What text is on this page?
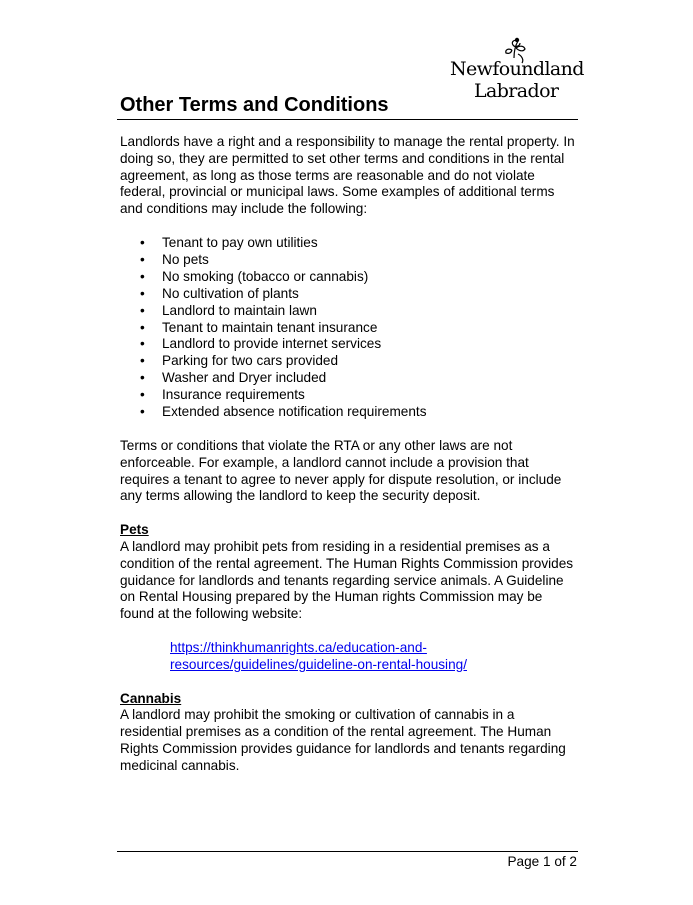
Newfoundland
Labrador
Other Terms and Conditions

Landlords have a right and a responsibility to manage the rental property. In doing so, they are permitted to set other terms and conditions in the rental agreement, as long as those terms are reasonable and do not violate federal, provincial or municipal laws. Some examples of additional terms and conditions may include the following:

• Tenant to pay own utilities
• No pets
• No smoking (tobacco or cannabis)
• No cultivation of plants
• Landlord to maintain lawn
• Tenant to maintain tenant insurance
• Landlord to provide internet services
• Parking for two cars provided
• Washer and Dryer included
• Insurance requirements
• Extended absence notification requirements

Terms or conditions that violate the RTA or any other laws are not enforceable. For example, a landlord cannot include a provision that requires a tenant to agree to never apply for dispute resolution, or include any terms allowing the landlord to keep the security deposit.

Pets

A landlord may prohibit pets from residing in a residential premises as a condition of the rental agreement. The Human Rights Commission provides guidance for landlords and tenants regarding service animals. A Guideline on Rental Housing prepared by the Human rights Commission may be found at the following website:

https://thinkhumanrights.ca/education-and-
resources/guidelines/guideline-on-rental-housing/
Cannabis

A landlord may prohibit the smoking or cultivation of cannabis in a residential premises as a condition of the rental agreement. The Human Rights Commission provides guidance for landlords and tenants regarding medicinal cannabis.

Page 1 of 2
